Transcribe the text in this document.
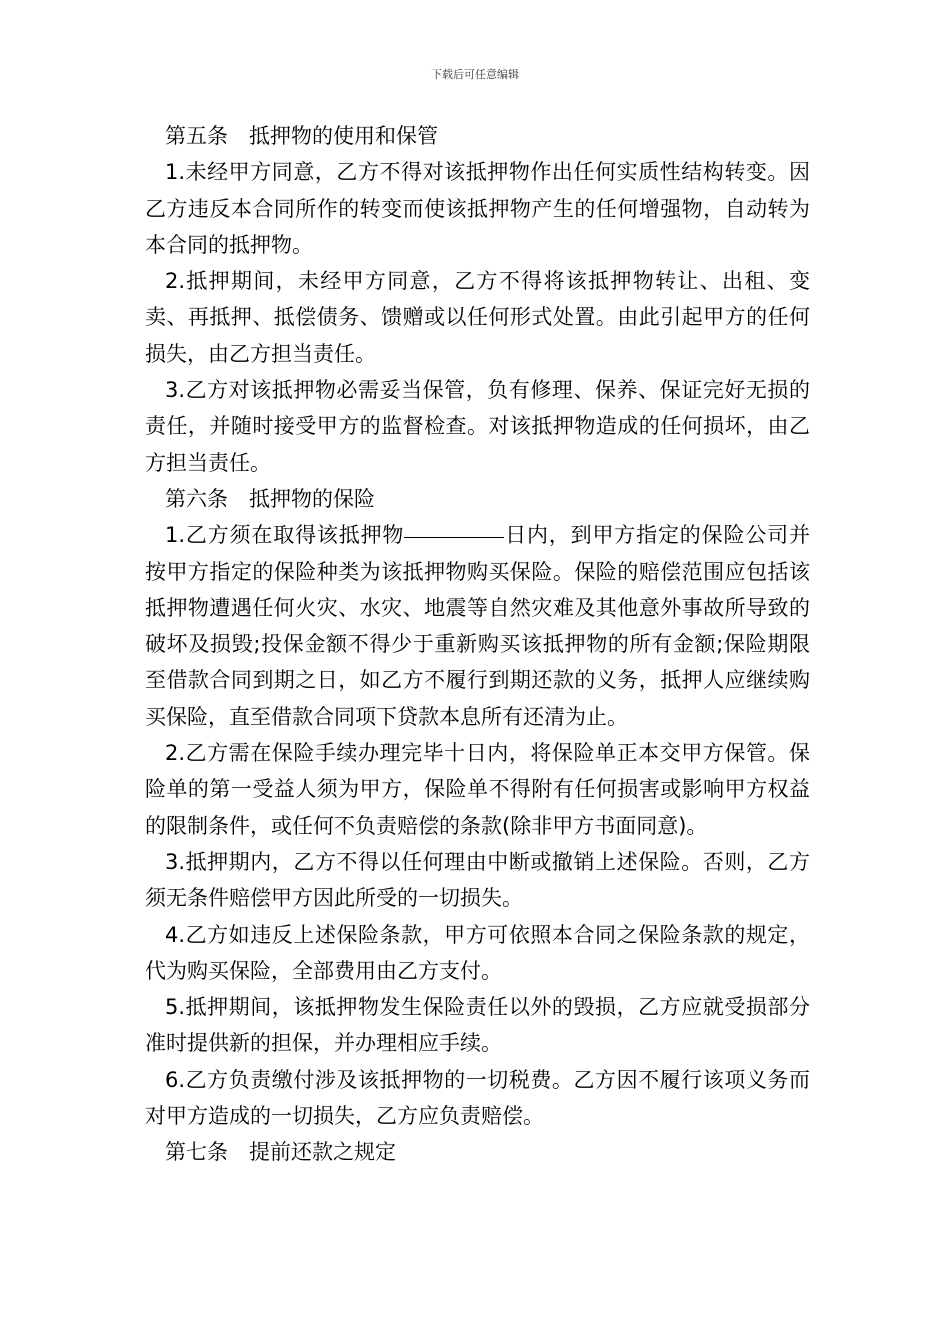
下载后可任意编辑

第五条　抵押物的使用和保管

1.未经甲方同意，乙方不得对该抵押物作出任何实质性结构转变。因乙方违反本合同所作的转变而使该抵押物产生的任何增强物，自动转为本合同的抵押物。

2.抵押期间，未经甲方同意，乙方不得将该抵押物转让、出租、变卖、再抵押、抵偿债务、馈赠或以任何形式处置。由此引起甲方的任何损失，由乙方担当责任。

3.乙方对该抵押物必需妥当保管，负有修理、保养、保证完好无损的责任，并随时接受甲方的监督检查。对该抵押物造成的任何损坏，由乙方担当责任。

第六条　抵押物的保险

1.乙方须在取得该抵押物	日内，到甲方指定的保险公司并按甲方指定的保险种类为该抵押物购买保险。保险的赔偿范围应包括该抵押物遭遇任何火灾、水灾、地震等自然灾难及其他意外事故所导致的破坏及损毁;投保金额不得少于重新购买该抵押物的所有金额;保险期限至借款合同到期之日，如乙方不履行到期还款的义务，抵押人应继续购买保险，直至借款合同项下贷款本息所有还清为止。

2.乙方需在保险手续办理完毕十日内，将保险单正本交甲方保管。保险单的第一受益人须为甲方，保险单不得附有任何损害或影响甲方权益的限制条件，或任何不负责赔偿的条款(除非甲方书面同意)。

3.抵押期内，乙方不得以任何理由中断或撤销上述保险。否则，乙方须无条件赔偿甲方因此所受的一切损失。

4.乙方如违反上述保险条款，甲方可依照本合同之保险条款的规定，代为购买保险，全部费用由乙方支付。

5.抵押期间，该抵押物发生保险责任以外的毁损，乙方应就受损部分准时提供新的担保，并办理相应手续。

6.乙方负责缴付涉及该抵押物的一切税费。乙方因不履行该项义务而对甲方造成的一切损失，乙方应负责赔偿。

第七条　提前还款之规定
